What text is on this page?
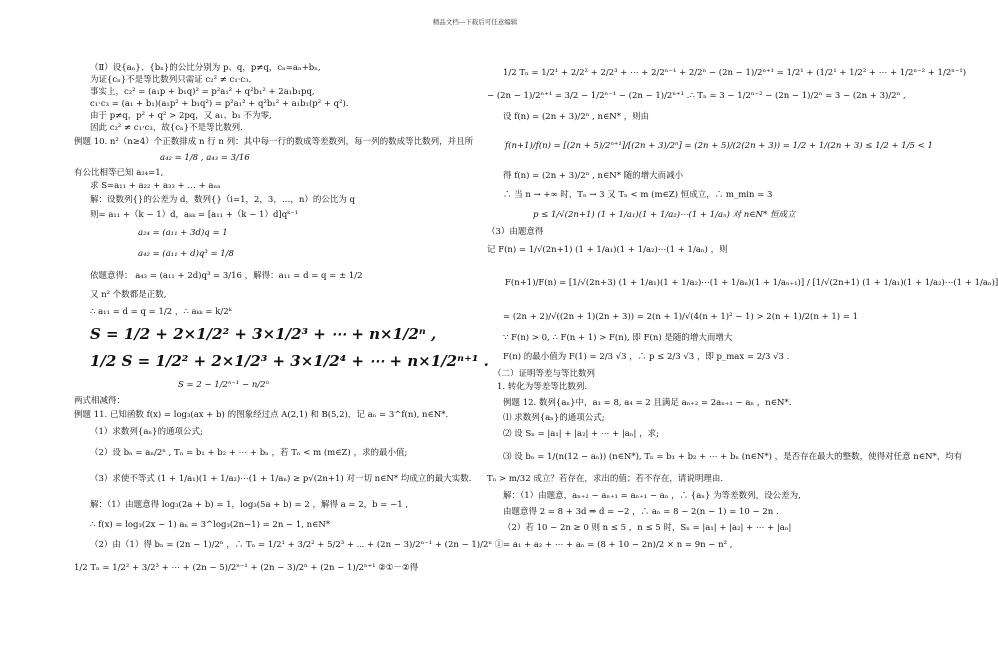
精品文档---下载后可任意编辑

（Ⅱ）设{aₙ}、{bₙ}的公比分别为 p、q，p≠q，cₙ=aₙ+bₙ,

为证{cₙ}不是等比数列只需证 c₂² ≠ c₁·c₃.

事实上，c₂² = (a₁p + b₁q)² = p²a₁² + q²b₁² + 2a₁b₁pq,

c₁·c₃ = (a₁ + b₁)(a₁p² + b₁q²) = p²a₁² + q²b₁² + a₁b₁(p² + q²).

由于 p≠q，p² + q² > 2pq，又 a₁、b₁ 不为零,

因此 c₂² ≠ c₁·c₃，故{cₙ}不是等比数列.

例题 10. n²（n≥4）个正数排成 n 行 n 列：其中每一行的数成等差数列，每一列的数成等比数列，并且所

a₄₂ = 1/8 , a₄₃ = 3/16

有公比相等已知 a₂₄=1,

求 S=a₁₁ + a₂₂ + a₃₃ + … + aₙₙ

解：设数列{}的公差为 d，数列{}（i=1，2，3，…，n）的公比为 q

则= a₁₁ +（k − 1）d，aₖₖ = [a₁₁ +（k − 1）d]qᵏ⁻¹

a₂₄ = (a₁₁ + 3d)q = 1

a₄₂ = (a₁₁ + d)q³ = 1/8

依题意得： a₄₃ = (a₁₁ + 2d)q³ = 3/16 ，解得：a₁₁ = d = q = ± 1/2

又 n² 个数都是正数,

∴ a₁₁ = d = q = 1/2 ，∴ aₖₖ = k/2ᵏ

S = 1/2 + 2×1/2² + 3×1/2³ + ⋯ + n×1/2ⁿ ,

1/2 S = 1/2² + 2×1/2³ + 3×1/2⁴ + ⋯ + n×1/2ⁿ⁺¹ .

S = 2 − 1/2ⁿ⁻¹ − n/2ⁿ

两式相减得：

例题 11. 已知函数 f(x) = log₃(ax + b) 的图象经过点 A(2,1) 和 B(5,2)，记 aₙ = 3^f(n), n∈N*.

（1）求数列{aₙ}的通项公式;

（2）设 bₙ = aₙ/2ⁿ , Tₙ = b₁ + b₂ + ⋯ + bₙ ，若 Tₙ < m (m∈Z) ，求的最小值;

（3）求使不等式 (1 + 1/a₁)(1 + 1/a₂)⋯(1 + 1/aₙ) ≥ p√(2n+1) 对一切 n∈N* 均成立的最大实数.

解：（1）由题意得 log₃(2a + b) = 1，log₃(5a + b) = 2 ，解得 a = 2，b = −1 ,

∴ f(x) = log₃(2x − 1) aₙ = 3^log₃(2n−1) = 2n − 1, n∈N*

（2）由（1）得 bₙ = (2n − 1)/2ⁿ ，∴ Tₙ = 1/2¹ + 3/2² + 5/2³ + ⋯ + (2n − 3)/2ⁿ⁻¹ + (2n − 1)/2ⁿ ①

1/2 Tₙ = 1/2² + 3/2³ + ⋯ + (2n − 5)/2ⁿ⁻¹ + (2n − 3)/2ⁿ + (2n − 1)/2ⁿ⁺¹ ②①－②得

1/2 Tₙ = 1/2¹ + 2/2² + 2/2³ + ⋯ + 2/2ⁿ⁻¹ + 2/2ⁿ − (2n − 1)/2ⁿ⁺¹ = 1/2¹ + (1/2¹ + 1/2² + ⋯ + 1/2ⁿ⁻² + 1/2ⁿ⁻¹)

− (2n − 1)/2ⁿ⁺¹ = 3/2 − 1/2ⁿ⁻¹ − (2n − 1)/2ⁿ⁺¹ .∴ Tₙ = 3 − 1/2ⁿ⁻² − (2n − 1)/2ⁿ = 3 − (2n + 3)/2ⁿ ,

设 f(n) = (2n + 3)/2ⁿ , n∈N* ，则由

f(n+1)/f(n) = [(2n + 5)/2ⁿ⁺¹]/[(2n + 3)/2ⁿ] = (2n + 5)/(2(2n + 3)) = 1/2 + 1/(2n + 3) ≤ 1/2 + 1/5 < 1

得 f(n) = (2n + 3)/2ⁿ , n∈N* 随的增大而减小

∴ 当 n → +∞ 时，Tₙ → 3 又 Tₙ < m (m∈Z) 恒成立，∴ m_min = 3

p ≤ 1/√(2n+1) (1 + 1/a₁)(1 + 1/a₂)⋯(1 + 1/aₙ) 对 n∈N* 恒成立

（3）由题意得

记 F(n) = 1/√(2n+1) (1 + 1/a₁)(1 + 1/a₂)⋯(1 + 1/aₙ) ，则

F(n+1)/F(n) = [1/√(2n+3) (1 + 1/a₁)(1 + 1/a₂)⋯(1 + 1/aₙ)(1 + 1/aₙ₊₁)] / [1/√(2n+1) (1 + 1/a₁)(1 + 1/a₂)⋯(1 + 1/aₙ)]

= (2n + 2)/√((2n + 1)(2n + 3)) = 2(n + 1)/√(4(n + 1)² − 1) > 2(n + 1)/2(n + 1) = 1

∵ F(n) > 0, ∴ F(n + 1) > F(n), 即 F(n) 是随的增大而增大

F(n) 的最小值为 F(1) = 2/3 √3 ，∴ p ≤ 2/3 √3 ，即 p_max = 2/3 √3 .

（二）证明等差与等比数列

1. 转化为等差等比数列.

例题 12. 数列{aₙ}中，a₁ = 8, a₄ = 2 且满足 aₙ₊₂ = 2aₙ₊₁ − aₙ ，n∈N*.

⑴ 求数列{aₙ}的通项公式;

⑵ 设 Sₙ = |a₁| + |a₂| + ⋯ + |aₙ| ，求;

⑶ 设 bₙ = 1/(n(12 − aₙ)) (n∈N*), Tₙ = b₁ + b₂ + ⋯ + bₙ (n∈N*) ，是否存在最大的整数，使得对任意 n∈N*，均有

Tₙ > m/32 成立？若存在，求出的值；若不存在，请说明理由.

解：（1）由题意，aₙ₊₂ − aₙ₊₁ = aₙ₊₁ − aₙ ，∴ {aₙ} 为等差数列，设公差为,

由题意得 2 = 8 + 3d ⇒ d = −2 ，∴ aₙ = 8 − 2(n − 1) = 10 − 2n .

（2）若 10 − 2n ≥ 0 则 n ≤ 5 ，n ≤ 5 时，Sₙ = |a₁| + |a₂| + ⋯ + |aₙ|

= a₁ + a₂ + ⋯ + aₙ = (8 + 10 − 2n)/2 × n = 9n − n² ,
